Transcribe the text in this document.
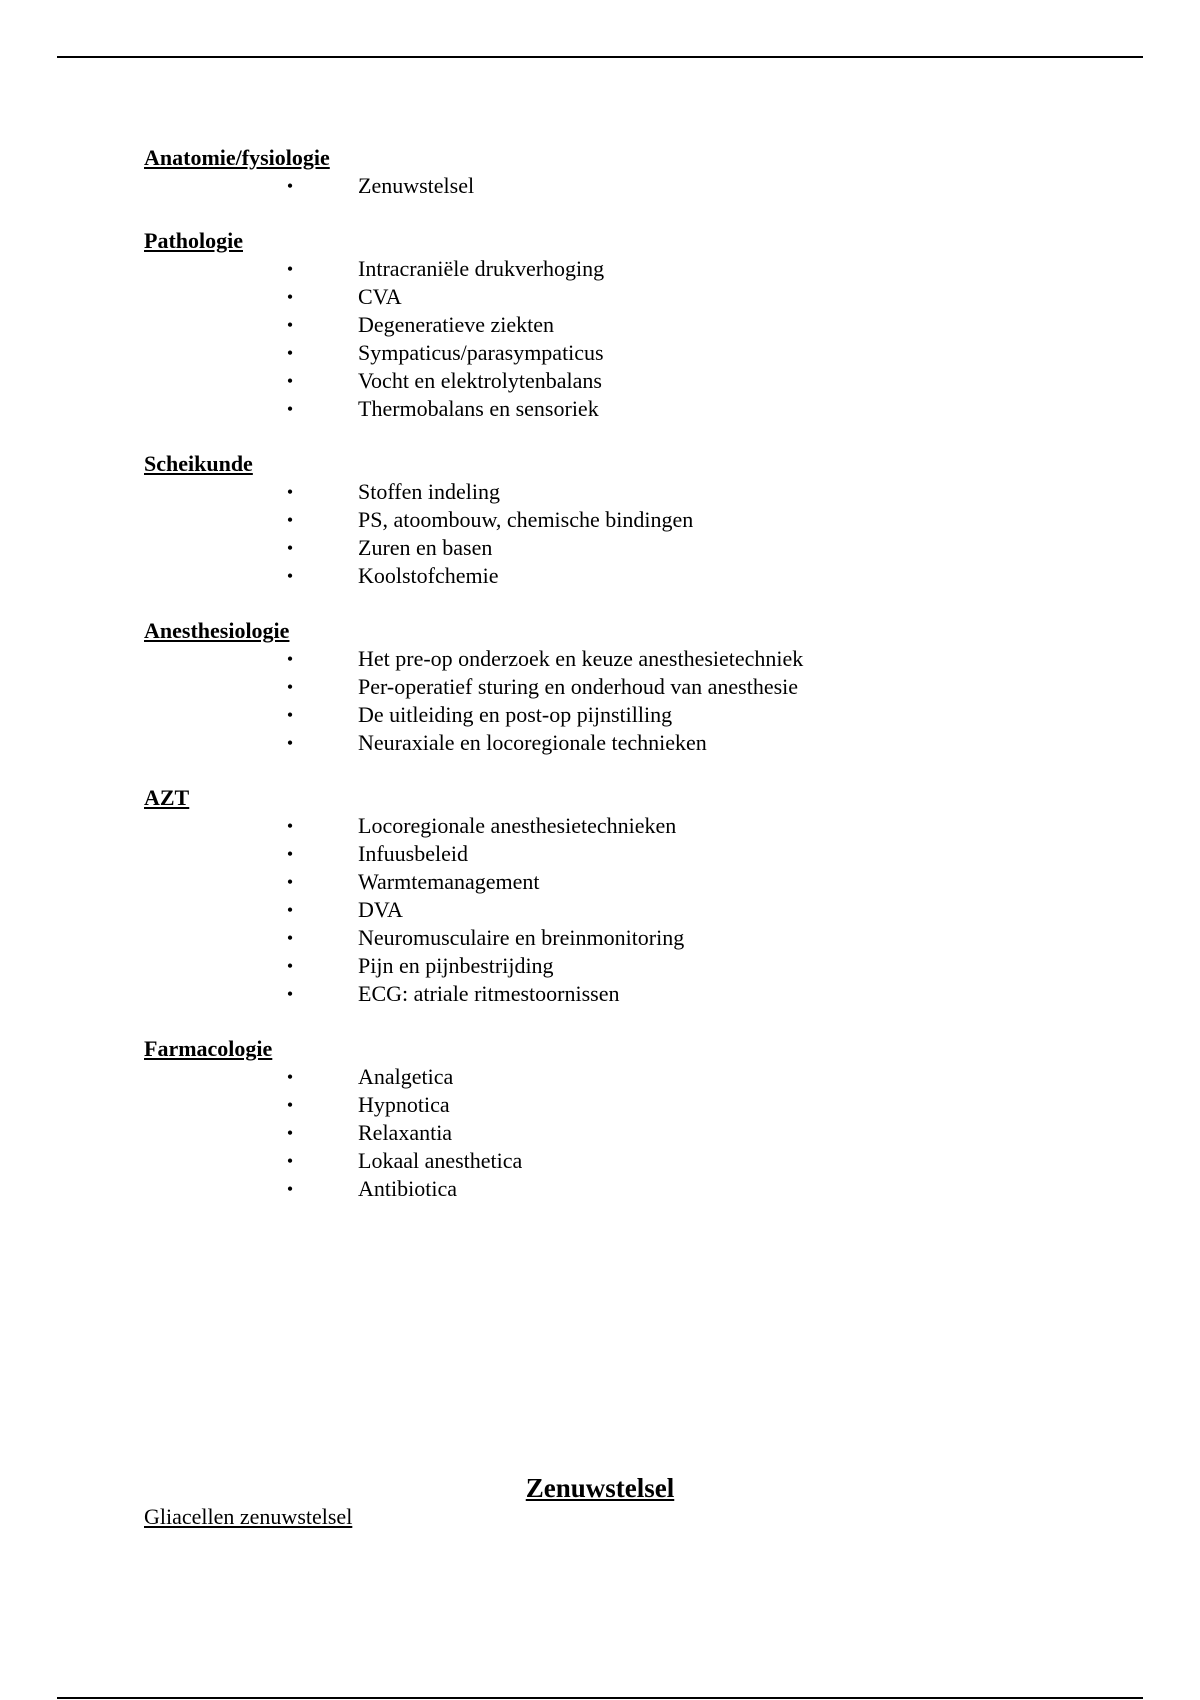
Anatomie/fysiologie
•	Zenuwstelsel
Pathologie
•	Intracraniële drukverhoging
•	CVA
•	Degeneratieve ziekten
•	Sympaticus/parasympaticus
•	Vocht en elektrolytenbalans
•	Thermobalans en sensoriek
Scheikunde
•	Stoffen indeling
•	PS, atoombouw, chemische bindingen
•	Zuren en basen
•	Koolstofchemie
Anesthesiologie
•	Het pre-op onderzoek en keuze anesthesietechniek
•	Per-operatief sturing en onderhoud van anesthesie
•	De uitleiding en post-op pijnstilling
•	Neuraxiale en locoregionale technieken
AZT
•	Locoregionale anesthesietechnieken
•	Infuusbeleid
•	Warmtemanagement
•	DVA
•	Neuromusculaire en breinmonitoring
•	Pijn en pijnbestrijding
•	ECG: atriale ritmestoornissen
Farmacologie
•	Analgetica
•	Hypnotica
•	Relaxantia
•	Lokaal anesthetica
•	Antibiotica
Zenuwstelsel
Gliacellen zenuwstelsel
